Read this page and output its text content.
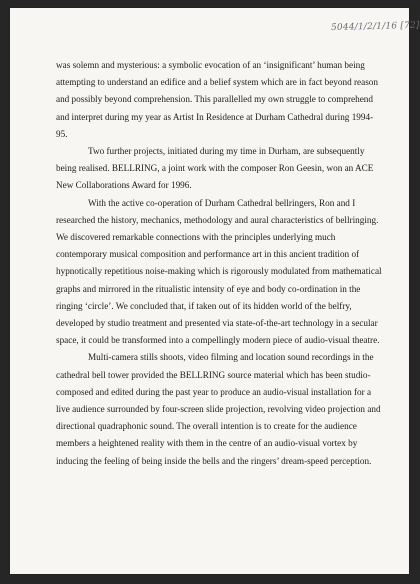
5044/1/2/1/16 [72]

was solemn and mysterious: a symbolic evocation of an ‘insignificant’ human being attempting to understand an edifice and a belief system which are in fact beyond reason and possibly beyond comprehension. This parallelled my own struggle to comprehend and interpret during my year as Artist In Residence at Durham Cathedral during 1994-95.

Two further projects, initiated during my time in Durham, are subsequently being realised. BELLRING, a joint work with the composer Ron Geesin, won an ACE New Collaborations Award for 1996.

With the active co-operation of Durham Cathedral bellringers, Ron and I researched the history, mechanics, methodology and aural characteristics of bellringing. We discovered remarkable connections with the principles underlying much contemporary musical composition and performance art in this ancient tradition of hypnotically repetitious noise-making which is rigorously modulated from mathematical graphs and mirrored in the ritualistic intensity of eye and body co-ordination in the ringing ‘circle’. We concluded that, if taken out of its hidden world of the belfry, developed by studio treatment and presented via state-of-the-art technology in a secular space, it could be transformed into a compellingly modern piece of audio-visual theatre.

Multi-camera stills shoots, video filming and location sound recordings in the cathedral bell tower provided the BELLRING source material which has been studio-composed and edited during the past year to produce an audio-visual installation for a live audience surrounded by four-screen slide projection, revolving video projection and directional quadraphonic sound. The overall intention is to create for the audience members a heightened reality with them in the centre of an audio-visual vortex by inducing the feeling of being inside the bells and the ringers’ dream-speed perception.
